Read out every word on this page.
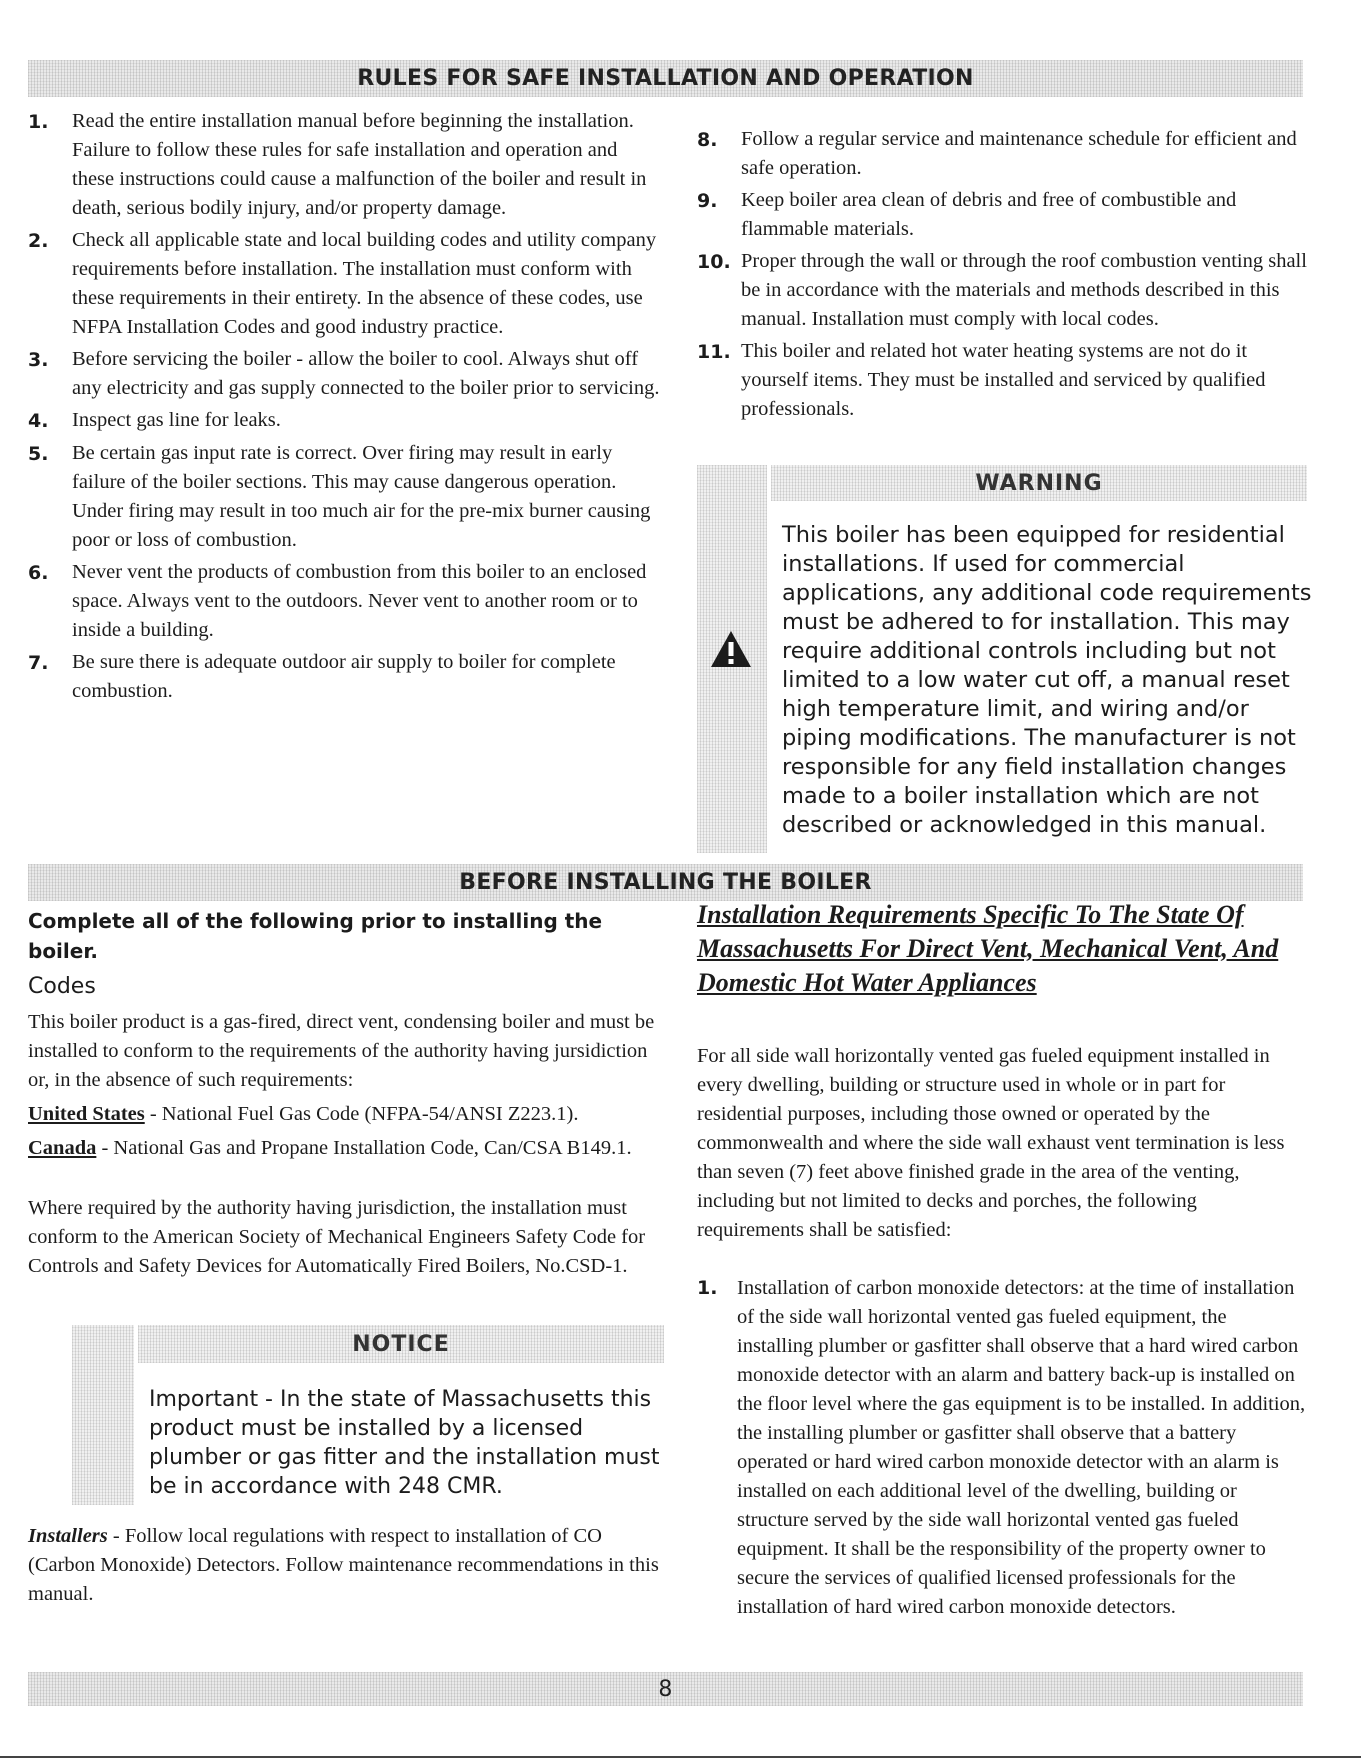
RULES FOR SAFE INSTALLATION AND OPERATION
1.	Read the entire installation manual before beginning the installation. Failure to follow these rules for safe installation and operation and these instructions could cause a malfunction of the boiler and result in death, serious bodily injury, and/or property damage.
2.	Check all applicable state and local building codes and utility company requirements before installation. The installation must conform with these requirements in their entirety. In the absence of these codes, use NFPA Installation Codes and good industry practice.
3.	Before servicing the boiler - allow the boiler to cool. Always shut off any electricity and gas supply connected to the boiler prior to servicing.
4.	Inspect gas line for leaks.
5.	Be certain gas input rate is correct. Over firing may result in early failure of the boiler sections. This may cause dangerous operation. Under firing may result in too much air for the pre-mix burner causing poor or loss of combustion.
6.	Never vent the products of combustion from this boiler to an enclosed space. Always vent to the outdoors. Never vent to another room or to inside a building.
7.	Be sure there is adequate outdoor air supply to boiler for complete combustion.
8.	Follow a regular service and maintenance schedule for efficient and safe operation.
9.	Keep boiler area clean of debris and free of combustible and flammable materials.
10. Proper through the wall or through the roof combustion venting shall be in accordance with the materials and methods described in this manual. Installation must comply with local codes.
11. This boiler and related hot water heating systems are not do it yourself items. They must be installed and serviced by qualified professionals.
WARNING
This boiler has been equipped for residential installations. If used for commercial applications, any additional code requirements must be adhered to for installation. This may require additional controls including but not limited to a low water cut off, a manual reset high temperature limit, and wiring and/or piping modifications. The manufacturer is not responsible for any field installation changes made to a boiler installation which are not described or acknowledged in this manual.
BEFORE INSTALLING THE BOILER
Complete all of the following prior to installing the boiler.
Codes

This boiler product is a gas-fired, direct vent, condensing boiler and must be installed to conform to the requirements of the authority having jursidiction or, in the absence of such requirements:

United States - National Fuel Gas Code (NFPA-54/ANSI Z223.1).

Canada - National Gas and Propane Installation Code, Can/CSA B149.1.

Where required by the authority having jurisdiction, the installation must conform to the American Society of Mechanical Engineers Safety Code for Controls and Safety Devices for Automatically Fired Boilers, No.CSD-1.

NOTICE
Important - In the state of Massachusetts this product must be installed by a licensed plumber or gas fitter and the installation must be in accordance with 248 CMR.

Installers - Follow local regulations with respect to installation of CO (Carbon Monoxide) Detectors. Follow maintenance recommendations in this manual.

Installation Requirements Specific To The State Of Massachusetts For Direct Vent, Mechanical Vent, And Domestic Hot Water Appliances

For all side wall horizontally vented gas fueled equipment installed in every dwelling, building or structure used in whole or in part for residential purposes, including those owned or operated by the commonwealth and where the side wall exhaust vent termination is less than seven (7) feet above finished grade in the area of the venting, including but not limited to decks and porches, the following requirements shall be satisfied:

1. Installation of carbon monoxide detectors: at the time of installation of the side wall horizontal vented gas fueled equipment, the installing plumber or gasfitter shall observe that a hard wired carbon monoxide detector with an alarm and battery back-up is installed on the floor level where the gas equipment is to be installed. In addition, the installing plumber or gasfitter shall observe that a battery operated or hard wired carbon monoxide detector with an alarm is installed on each additional level of the dwelling, building or structure served by the side wall horizontal vented gas fueled equipment. It shall be the responsibility of the property owner to secure the services of qualified licensed professionals for the installation of hard wired carbon monoxide detectors.

8
